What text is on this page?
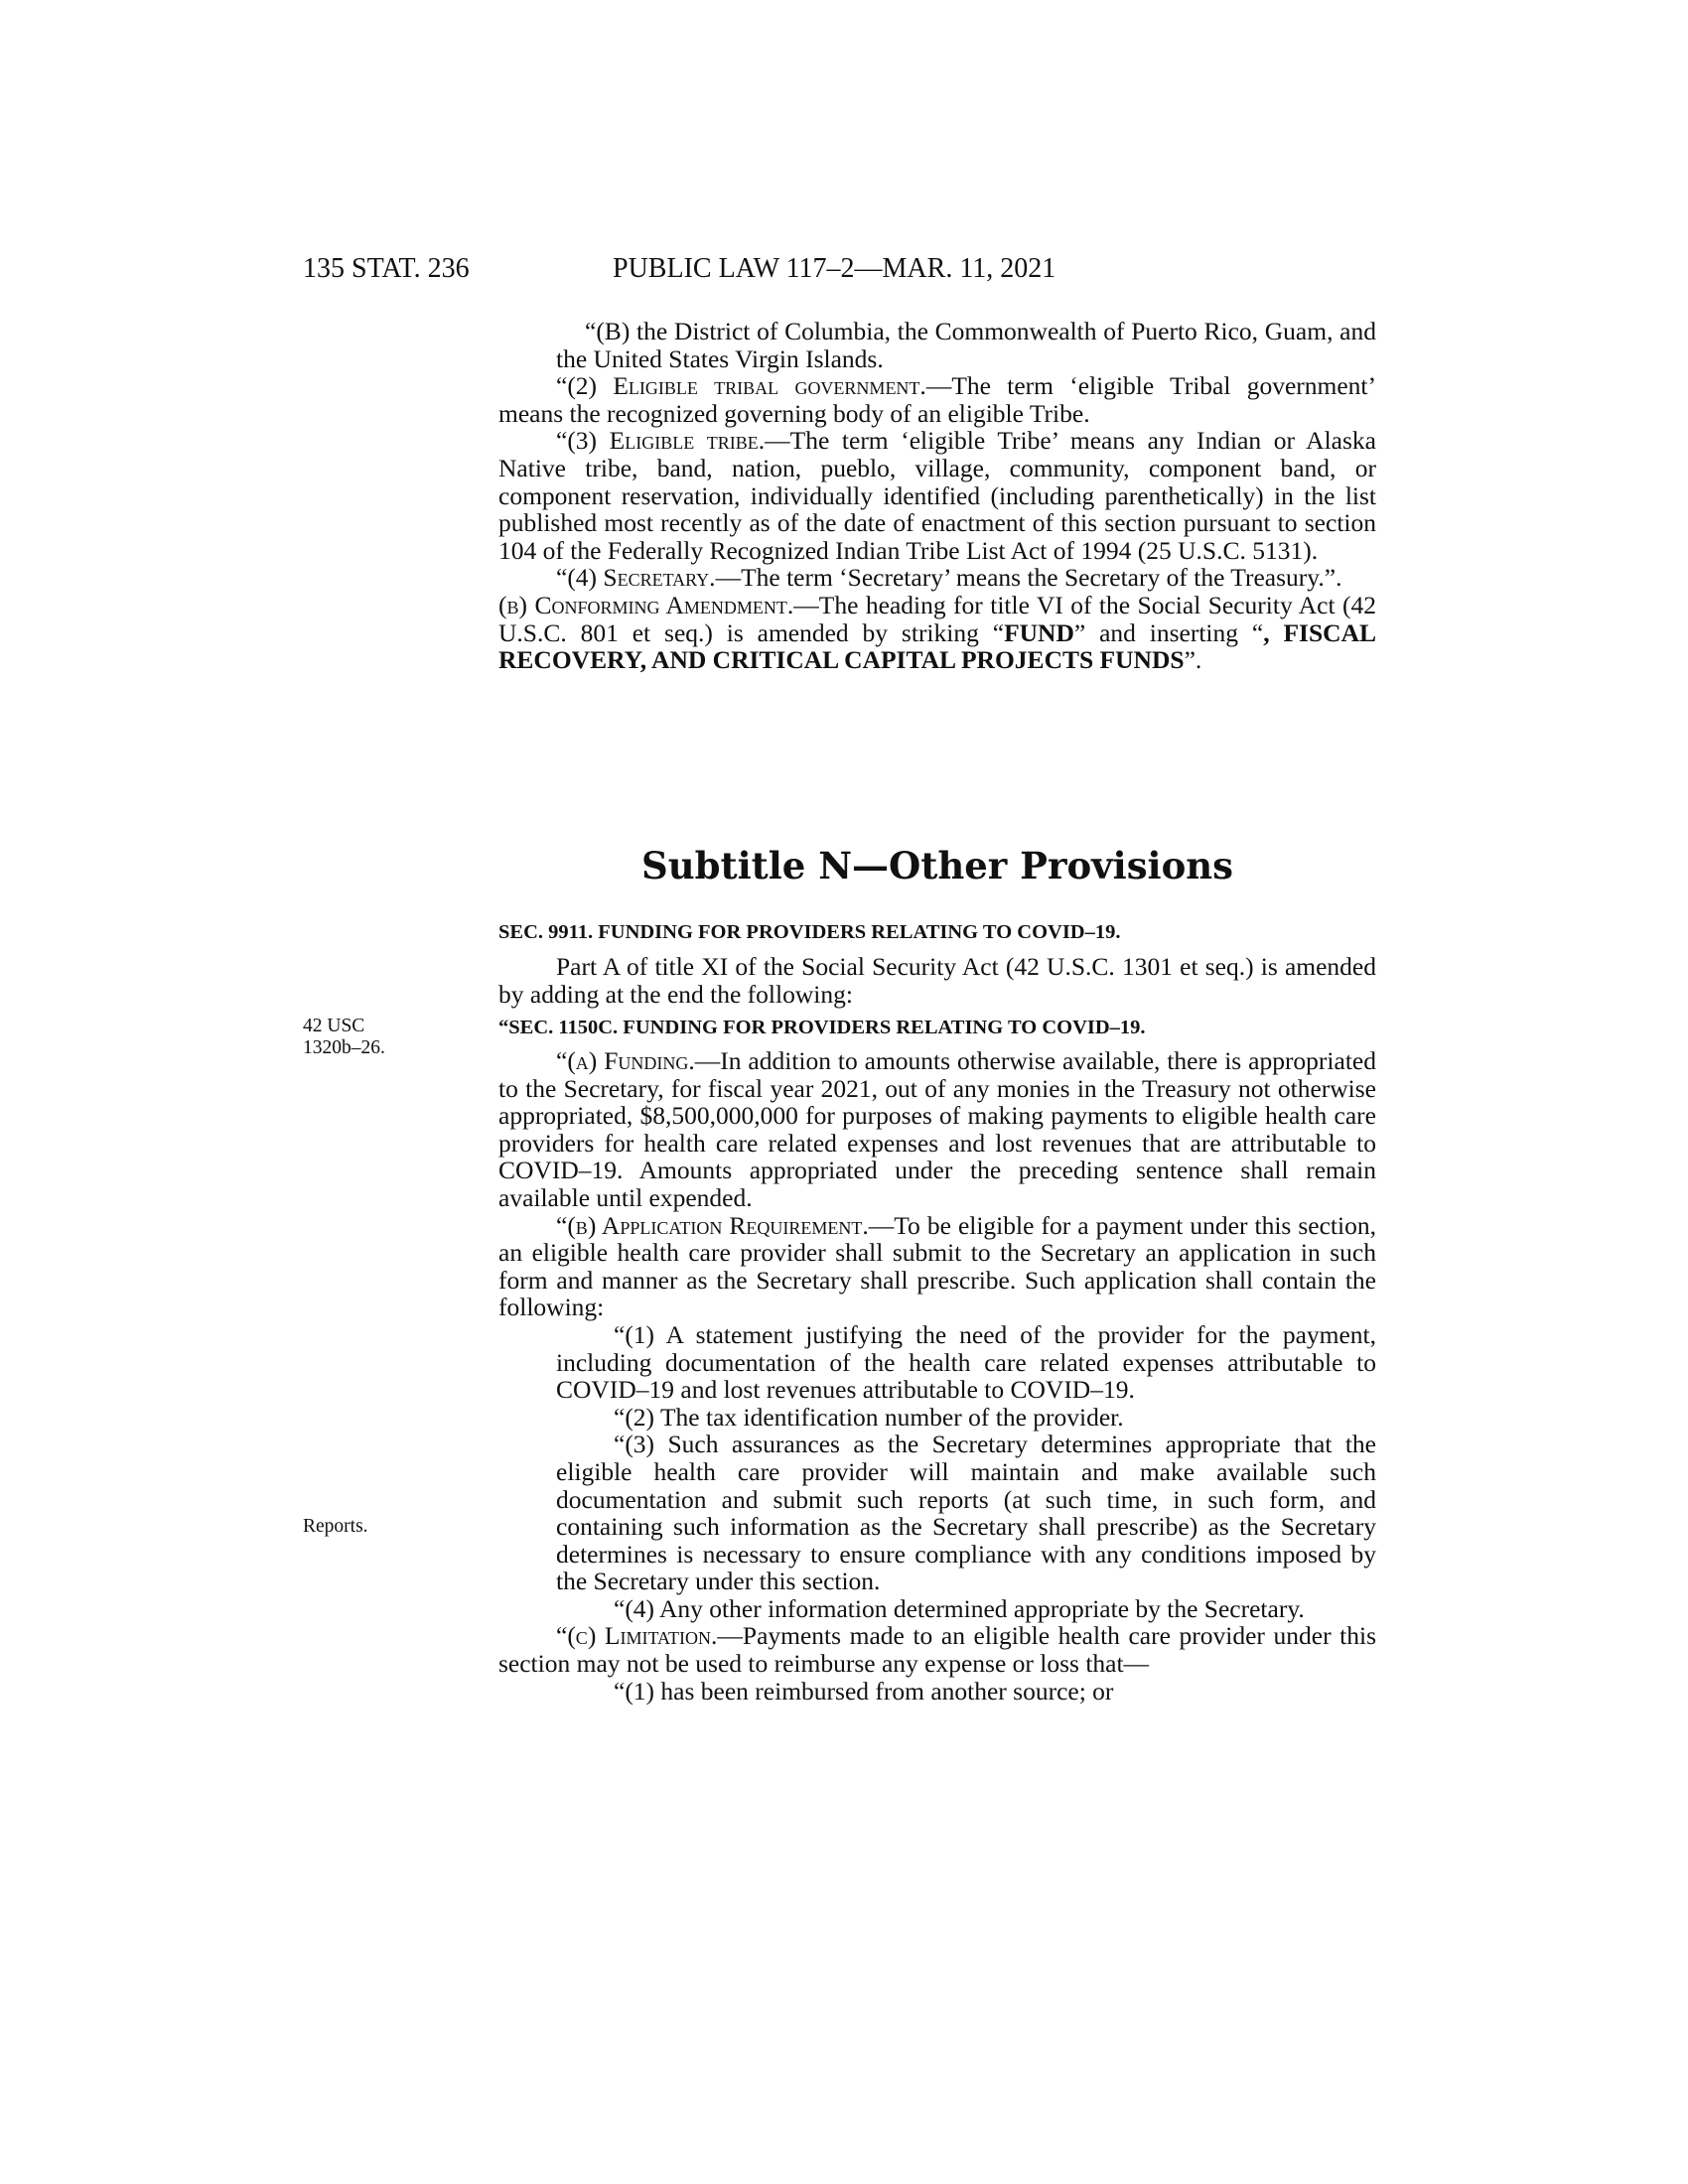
135 STAT. 236	PUBLIC LAW 117–2—MAR. 11, 2021

“(B) the District of Columbia, the Commonwealth of Puerto Rico, Guam, and the United States Virgin Islands.

“(2) Eligible tribal government.—The term ‘eligible Tribal government’ means the recognized governing body of an eligible Tribe.

“(3) Eligible tribe.—The term ‘eligible Tribe’ means any Indian or Alaska Native tribe, band, nation, pueblo, village, community, component band, or component reservation, individually identified (including parenthetically) in the list published most recently as of the date of enactment of this section pursuant to section 104 of the Federally Recognized Indian Tribe List Act of 1994 (25 U.S.C. 5131).

“(4) Secretary.—The term ‘Secretary’ means the Secretary of the Treasury.”.

(b) Conforming Amendment.—The heading for title VI of the Social Security Act (42 U.S.C. 801 et seq.) is amended by striking “FUND” and inserting “, FISCAL RECOVERY, AND CRITICAL CAPITAL PROJECTS FUNDS”.

Subtitle N—Other Provisions
SEC. 9911. FUNDING FOR PROVIDERS RELATING TO COVID–19.

Part A of title XI of the Social Security Act (42 U.S.C. 1301 et seq.) is amended by adding at the end the following:

42 USC
1320b–26.
“SEC. 1150C. FUNDING FOR PROVIDERS RELATING TO COVID–19.

“(a) Funding.—In addition to amounts otherwise available, there is appropriated to the Secretary, for fiscal year 2021, out of any monies in the Treasury not otherwise appropriated, $8,500,000,000 for purposes of making payments to eligible health care providers for health care related expenses and lost revenues that are attributable to COVID–19. Amounts appropriated under the preceding sentence shall remain available until expended.

“(b) Application Requirement.—To be eligible for a payment under this section, an eligible health care provider shall submit to the Secretary an application in such form and manner as the Secretary shall prescribe. Such application shall contain the following:

“(1) A statement justifying the need of the provider for the payment, including documentation of the health care related expenses attributable to COVID–19 and lost revenues attributable to COVID–19.

“(2) The tax identification number of the provider.

“(3) Such assurances as the Secretary determines appropriate that the eligible health care provider will maintain and make available such documentation and submit such reports (at such time, in such form, and containing such information as the Secretary shall prescribe) as the Secretary determines is necessary to ensure compliance with any conditions imposed by the Secretary under this section.

“(4) Any other information determined appropriate by the Secretary.

“(c) Limitation.—Payments made to an eligible health care provider under this section may not be used to reimburse any expense or loss that—

“(1) has been reimbursed from another source; or

Reports.
